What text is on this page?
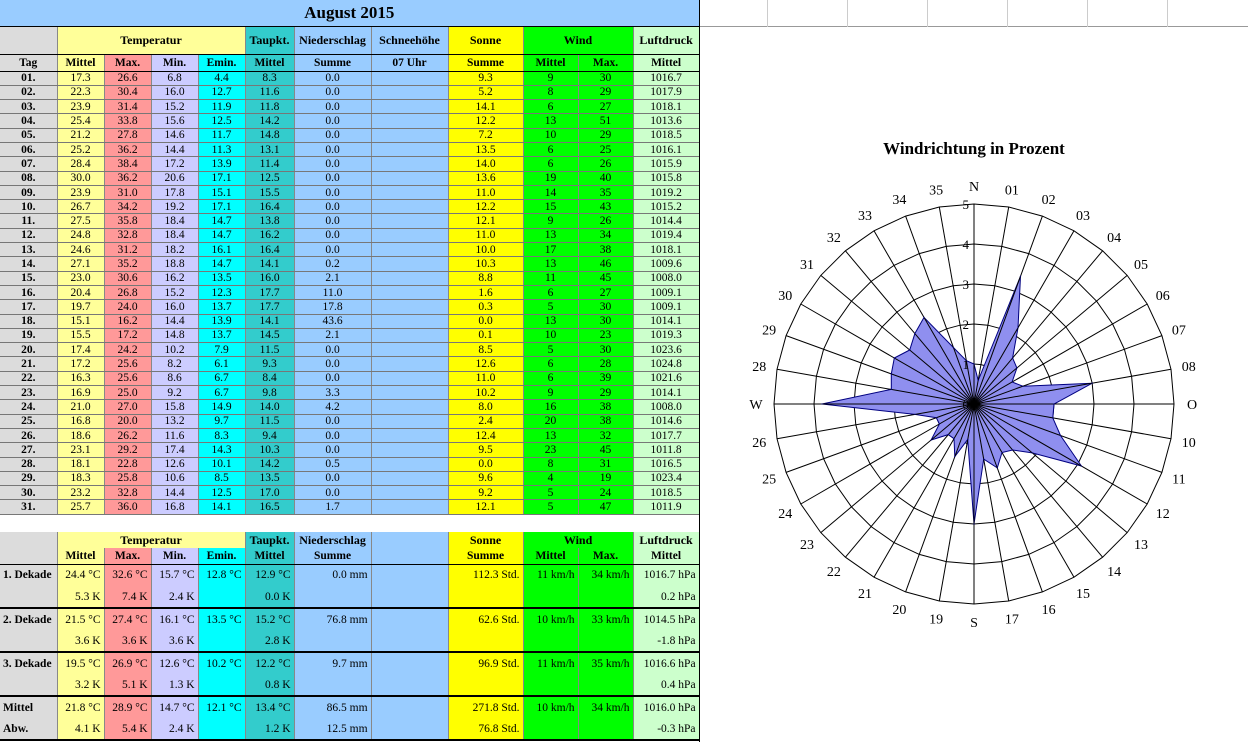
August 2015											
	Temperatur				Taupkt.	Niederschlag	Schneehöhe	Sonne	Wind		Luftdruck
Tag	Mittel	Max.	Min.	Emin.	Mittel	Summe	07 Uhr	Summe	Mittel	Max.	Mittel
01.	17.3	26.6	6.8	4.4	8.3	0.0		9.3	9	30	1016.7
02.	22.3	30.4	16.0	12.7	11.6	0.0		5.2	8	29	1017.9
03.	23.9	31.4	15.2	11.9	11.8	0.0		14.1	6	27	1018.1
04.	25.4	33.8	15.6	12.5	14.2	0.0		12.2	13	51	1013.6
05.	21.2	27.8	14.6	11.7	14.8	0.0		7.2	10	29	1018.5
06.	25.2	36.2	14.4	11.3	13.1	0.0		13.5	6	25	1016.1
07.	28.4	38.4	17.2	13.9	11.4	0.0		14.0	6	26	1015.9
08.	30.0	36.2	20.6	17.1	12.5	0.0		13.6	19	40	1015.8
09.	23.9	31.0	17.8	15.1	15.5	0.0		11.0	14	35	1019.2
10.	26.7	34.2	19.2	17.1	16.4	0.0		12.2	15	43	1015.2
11.	27.5	35.8	18.4	14.7	13.8	0.0		12.1	9	26	1014.4
12.	24.8	32.8	18.4	14.7	16.2	0.0		11.0	13	34	1019.4
13.	24.6	31.2	18.2	16.1	16.4	0.0		10.0	17	38	1018.1
14.	27.1	35.2	18.8	14.7	14.1	0.2		10.3	13	46	1009.6
15.	23.0	30.6	16.2	13.5	16.0	2.1		8.8	11	45	1008.0
16.	20.4	26.8	15.2	12.3	17.7	11.0		1.6	6	27	1009.1
17.	19.7	24.0	16.0	13.7	17.7	17.8		0.3	5	30	1009.1
18.	15.1	16.2	14.4	13.9	14.1	43.6		0.0	13	30	1014.1
19.	15.5	17.2	14.8	13.7	14.5	2.1		0.1	10	23	1019.3
20.	17.4	24.2	10.2	7.9	11.5	0.0		8.5	5	30	1023.6
21.	17.2	25.6	8.2	6.1	9.3	0.0		12.6	6	28	1024.8
22.	16.3	25.6	8.6	6.7	8.4	0.0		11.0	6	39	1021.6
23.	16.9	25.0	9.2	6.7	9.8	3.3		10.2	9	29	1014.1
24.	21.0	27.0	15.8	14.9	14.0	4.2		8.0	16	38	1008.0
25.	16.8	20.0	13.2	9.7	11.5	0.0		2.4	20	38	1014.6
26.	18.6	26.2	11.6	8.3	9.4	0.0		12.4	13	32	1017.7
27.	23.1	29.2	17.4	14.3	10.3	0.0		9.5	23	45	1011.8
28.	18.1	22.8	12.6	10.1	14.2	0.5		0.0	8	31	1016.5
29.	18.3	25.8	10.6	8.5	13.5	0.0		9.6	4	19	1023.4
30.	23.2	32.8	14.4	12.5	17.0	0.0		9.2	5	24	1018.5
31.	25.7	36.0	16.8	14.1	16.5	1.7		12.1	5	47	1011.9

	Temperatur				Taupkt.	Niederschlag		Sonne	Wind		Luftdruck
	Mittel	Max.	Min.	Emin.	Mittel	Summe		Summe	Mittel	Max.	Mittel
1. Dekade	24.4 °C	32.6 °C	15.7 °C	12.8 °C	12.9 °C	0.0 mm		112.3 Std.	11 km/h	34 km/h	1016.7 hPa
	5.3 K	7.4 K	2.4 K		0.0 K						0.2 hPa
2. Dekade	21.5 °C	27.4 °C	16.1 °C	13.5 °C	15.2 °C	76.8 mm		62.6 Std.	10 km/h	33 km/h	1014.5 hPa
	3.6 K	3.6 K	3.6 K		2.8 K						-1.8 hPa
3. Dekade	19.5 °C	26.9 °C	12.6 °C	10.2 °C	12.2 °C	9.7 mm		96.9 Std.	11 km/h	35 km/h	1016.6 hPa
	3.2 K	5.1 K	1.3 K		0.8 K						0.4 hPa
Mittel	21.8 °C	28.9 °C	14.7 °C	12.1 °C	13.4 °C	86.5 mm		271.8 Std.	10 km/h	34 km/h	1016.0 hPa
Abw.	4.1 K	5.4 K	2.4 K		1.2 K	12.5 mm		76.8 Std.			-0.3 hPa
Windrichtung in Prozent
0
1
2
3
4
5
N 01
02
03
04
05
06
07
08
O
10
11
12
13
14
15
16
17
S
19
20
21
22
23
24
25
26
W
28
29
30
31
32
33
34
35
